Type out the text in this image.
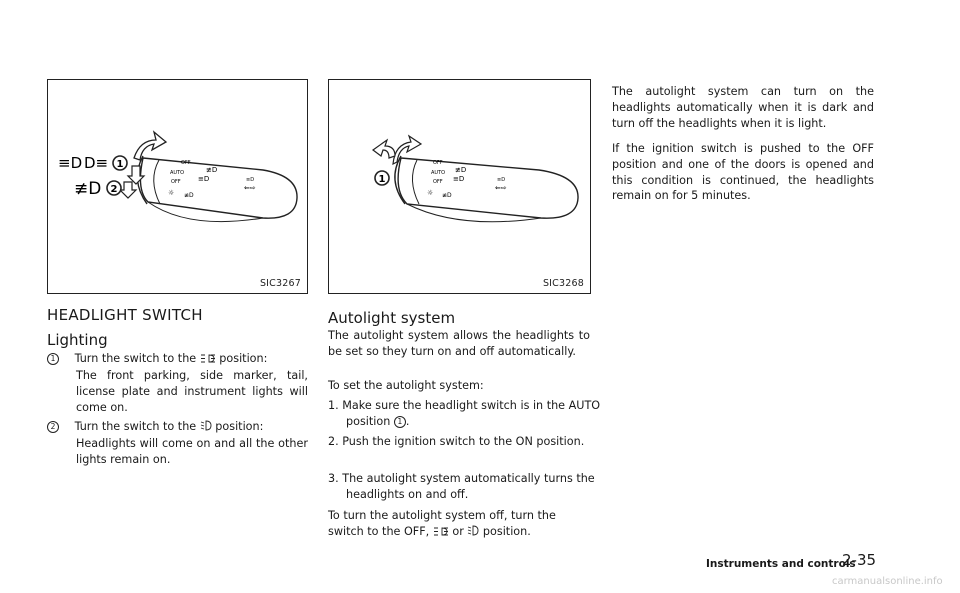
OFF
AUTO
OFF	≡D
⇐⇨
≢D
≡D
☼ ≢D
≡D D≡
≢D
1
2
SIC3267
HEADLIGHT SWITCH
Lighting

1 Turn the switch to the position:

The front parking, side marker, tail, license plate and instrument lights will come on.

2 Turn the switch to the position:

Headlights will come on and all the other lights remain on.

OFF
AUTO
OFF
≢D
≡D
☼ ≢D
≡D
⇐⇨
1
SIC3268
Autolight system

The autolight system allows the headlights to be set so they turn on and off automatically.

To set the autolight system:

1. Make sure the headlight switch is in the AUTO position 1 .

2. Push the ignition switch to the ON position.

3. The autolight system automatically turns the headlights on and off.

To turn the autolight system off, turn the switch to the OFF, or position.

The autolight system can turn on the headlights automatically when it is dark and turn off the headlights when it is light.

If the ignition switch is pushed to the OFF position and one of the doors is opened and this condition is continued, the headlights remain on for 5 minutes.

Instruments and controls
2-35
carmanualsonline.info
